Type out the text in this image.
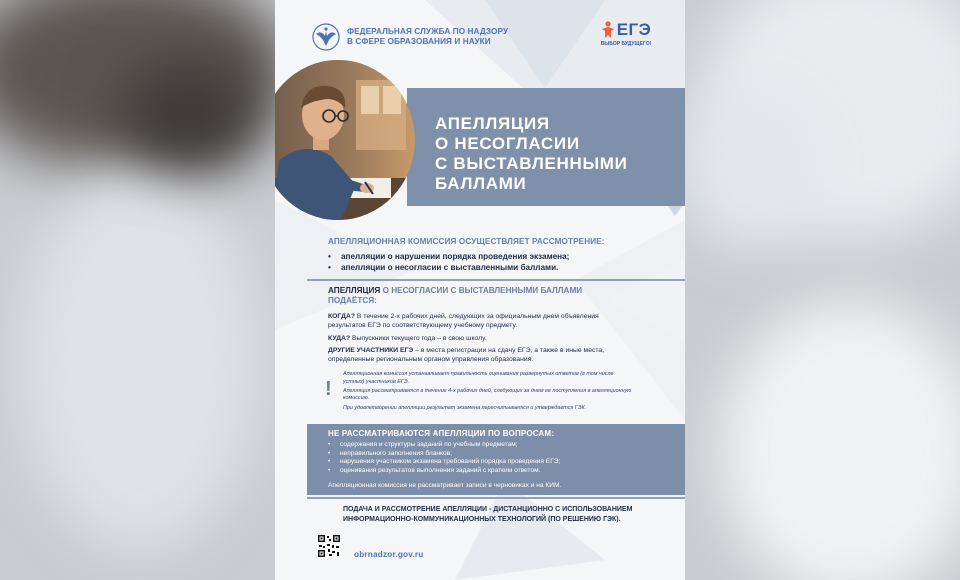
ФЕДЕРАЛЬНАЯ СЛУЖБА ПО НАДЗОРУ
В СФЕРЕ ОБРАЗОВАНИЯ И НАУКИ
ЕГЭ
ВЫБОР БУДУЩЕГО!
АПЕЛЛЯЦИЯ
О НЕСОГЛАСИИ
С ВЫСТАВЛЕННЫМИ
БАЛЛАМИ
АПЕЛЛЯЦИОННАЯ КОМИССИЯ ОСУЩЕСТВЛЯЕТ РАССМОТРЕНИЕ:
• апелляции о нарушении порядка проведения экзамена;
• апелляции о несогласии с выставленными баллами.
АПЕЛЛЯЦИЯ О НЕСОГЛАСИИ С ВЫСТАВЛЕННЫМИ БАЛЛАМИ
ПОДАЁТСЯ:
КОГДА? В течение 2-х рабочих дней, следующих за официальным днем объявления результатов ЕГЭ по соответствующему учебному предмету.
КУДА? Выпускники текущего года – в свою школу.
ДРУГИЕ УЧАСТНИКИ ЕГЭ – в места регистрации на сдачу ЕГЭ, а также в иные места, определенные региональным органом управления образования.
!

Апелляционная комиссия устанавливает правильность оценивания развернутых ответов (в том числе устных) участников ЕГЭ.

Апелляция рассматривается в течение 4-х рабочих дней, следующих за днем ее поступления в апелляционную комиссию.

При удовлетворении апелляции результат экзамена пересчитывается и утверждается ГЭК.

НЕ РАССМАТРИВАЮТСЯ АПЕЛЛЯЦИИ ПО ВОПРОСАМ:
• содержания и структуры заданий по учебным предметам;
• неправильного заполнения бланков;
• нарушения участником экзамена требований порядка проведения ЕГЭ;
• оценивания результатов выполнения заданий с кратким ответом.
Апелляционная комиссия не рассматривает записи в черновиках и на КИМ.
ПОДАЧА И РАССМОТРЕНИЕ АПЕЛЛЯЦИИ - ДИСТАНЦИОННО С ИСПОЛЬЗОВАНИЕМ
ИНФОРМАЦИОННО-КОММУНИКАЦИОННЫХ ТЕХНОЛОГИЙ (ПО РЕШЕНИЮ ГЭК).
obrnadzor.gov.ru
